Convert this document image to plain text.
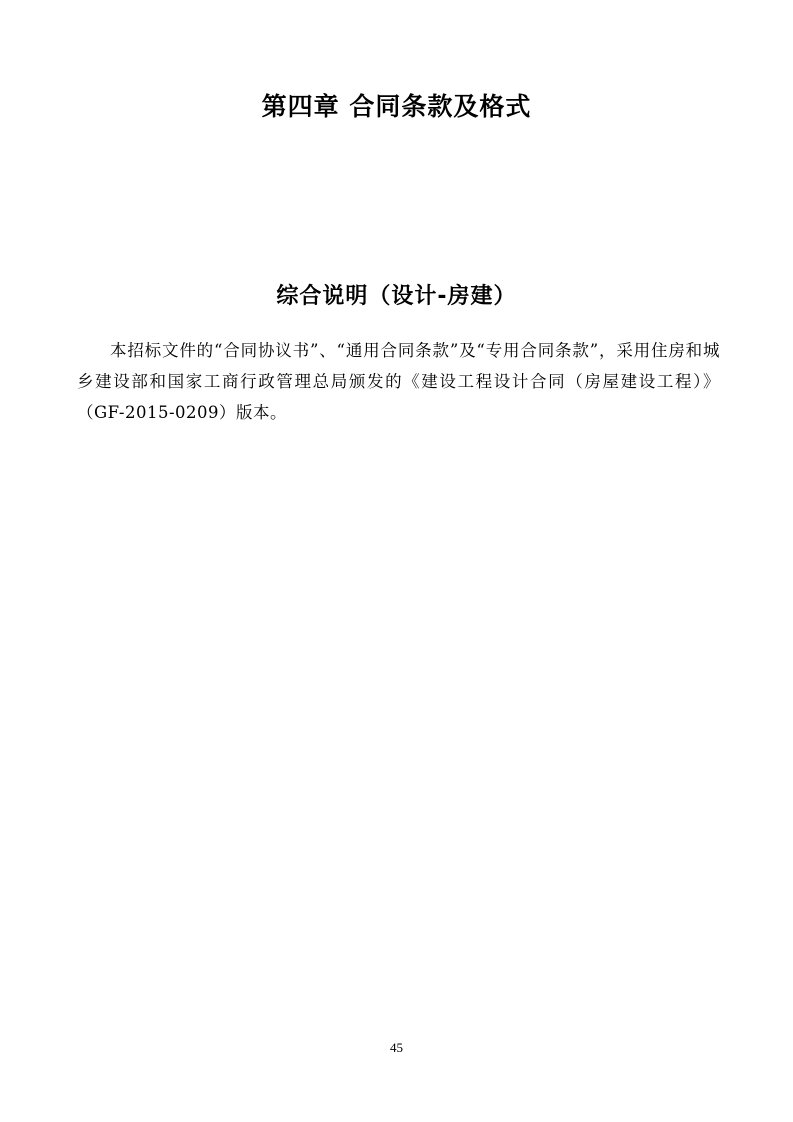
第四章 合同条款及格式
综合说明（设计-房建）

本招标文件的“合同协议书”、“通用合同条款”及“专用合同条款”，采用住房和城乡建设部和国家工商行政管理总局颁发的《建设工程设计合同（房屋建设工程）》（GF-2015-0209）版本。

45
